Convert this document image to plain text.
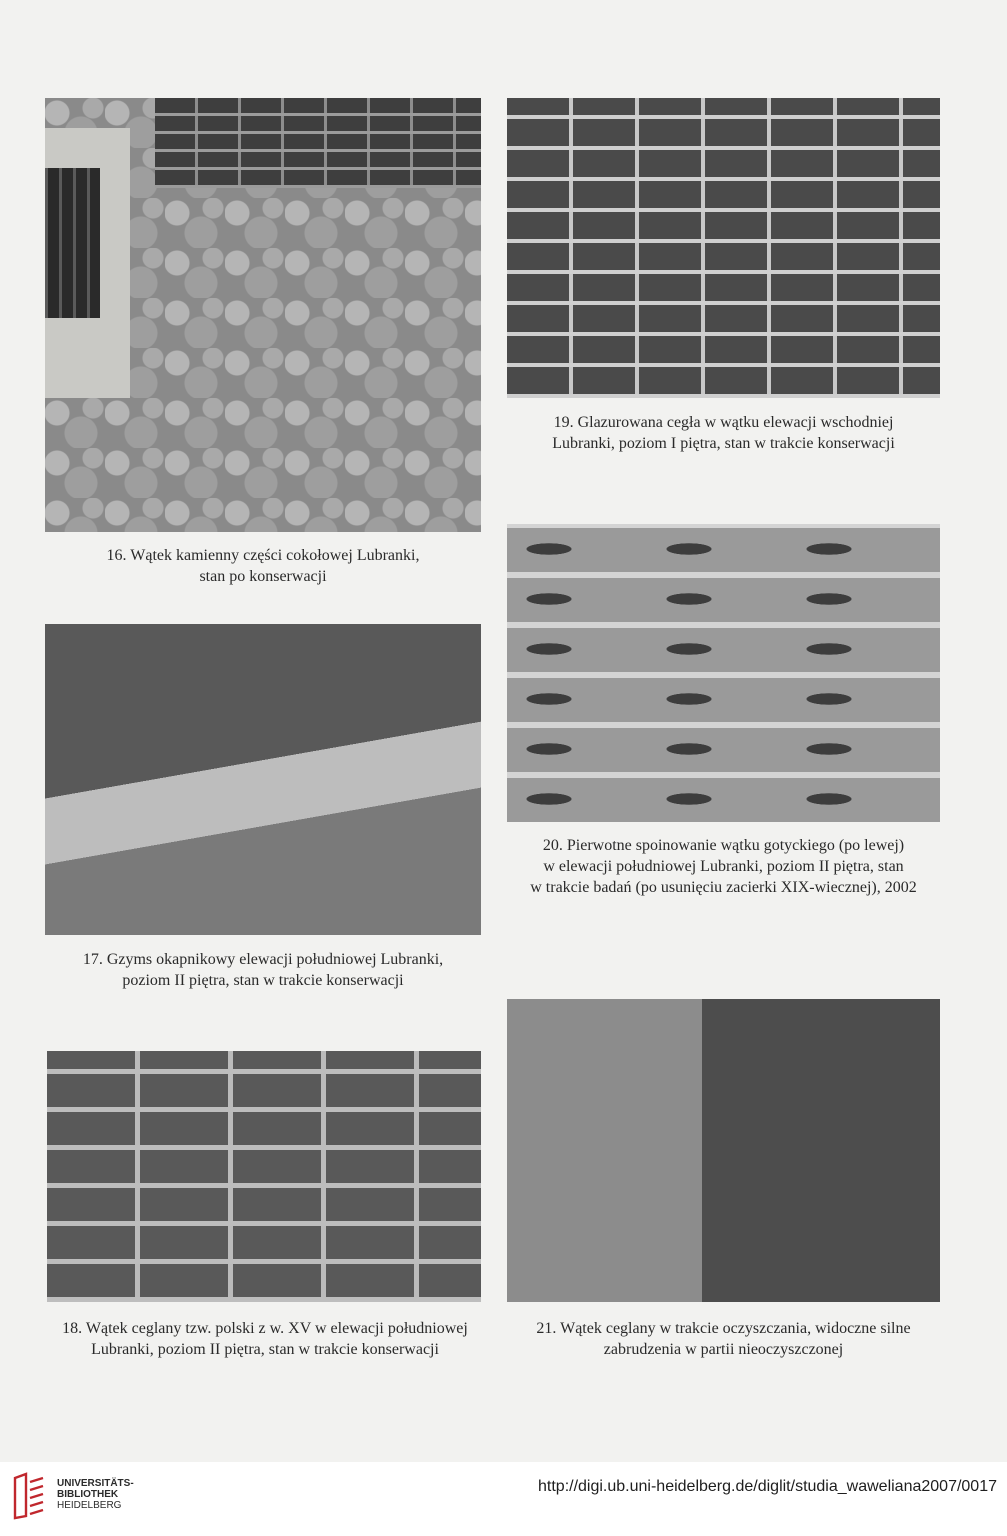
16. Wątek kamienny części cokołowej Lubranki,
stan po konserwacji
17. Gzyms okapnikowy elewacji południowej Lubranki,
poziom II piętra, stan w trakcie konserwacji
18. Wątek ceglany tzw. polski z w. XV w elewacji południowej
Lubranki, poziom II piętra, stan w trakcie konserwacji
19. Glazurowana cegła w wątku elewacji wschodniej
Lubranki, poziom I piętra, stan w trakcie konserwacji
20. Pierwotne spoinowanie wątku gotyckiego (po lewej)
w elewacji południowej Lubranki, poziom II piętra, stan
w trakcie badań (po usunięciu zacierki XIX-wiecznej), 2002
21. Wątek ceglany w trakcie oczyszczania, widoczne silne
zabrudzenia w partii nieoczyszczonej
UNIVERSITÄTS-
BIBLIOTHEK
HEIDELBERG
http://digi.ub.uni-heidelberg.de/diglit/studia_waweliana2007/0017
